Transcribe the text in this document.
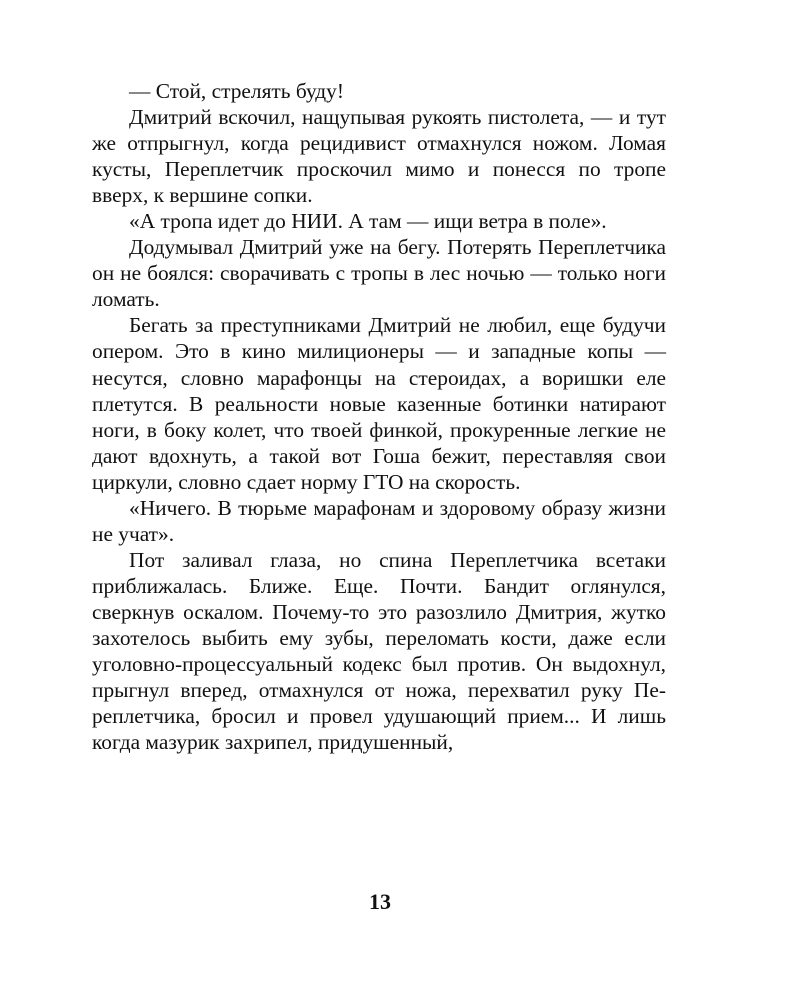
— Стой, стрелять буду!

Дмитрий вскочил, нащупывая рукоять пистолета, — и тут же отпрыгнул, когда рецидивист отмахнулся ножом. Ломая кусты, Переплетчик проскочил мимо и понесся по тропе вверх, к вершине сопки.

«А тропа идет до НИИ. А там — ищи ветра в поле».

Додумывал Дмитрий уже на бегу. Потерять Переплетчика он не боялся: сворачивать с тропы в лес ночью — только ноги ломать.

Бегать за преступниками Дмитрий не любил, еще будучи опером. Это в кино милиционеры — и западные копы — несутся, словно марафонцы на стероидах, а воришки еле плетутся. В реальности новые казенные ботинки натирают ноги, в боку колет, что твоей финкой, прокуренные легкие не дают вдохнуть, а такой вот Гоша бежит, переставляя свои циркули, словно сдает норму ГТО на скорость.

«Ничего. В тюрьме марафонам и здоровому образу жизни не учат».

Пот заливал глаза, но спина Переплетчика всетаки приближалась. Ближе. Еще. Почти. Бандит оглянулся, сверкнув оскалом. Почему-то это разозлило Дмитрия, жутко захотелось выбить ему зубы, переломать кости, даже если уголовно-процессуальный кодекс был против. Он выдохнул, прыгнул вперед, отмахнулся от ножа, перехватил руку Переплетчика, бросил и провел удушающий прием... И лишь когда мазурик захрипел, придушенный,

13
